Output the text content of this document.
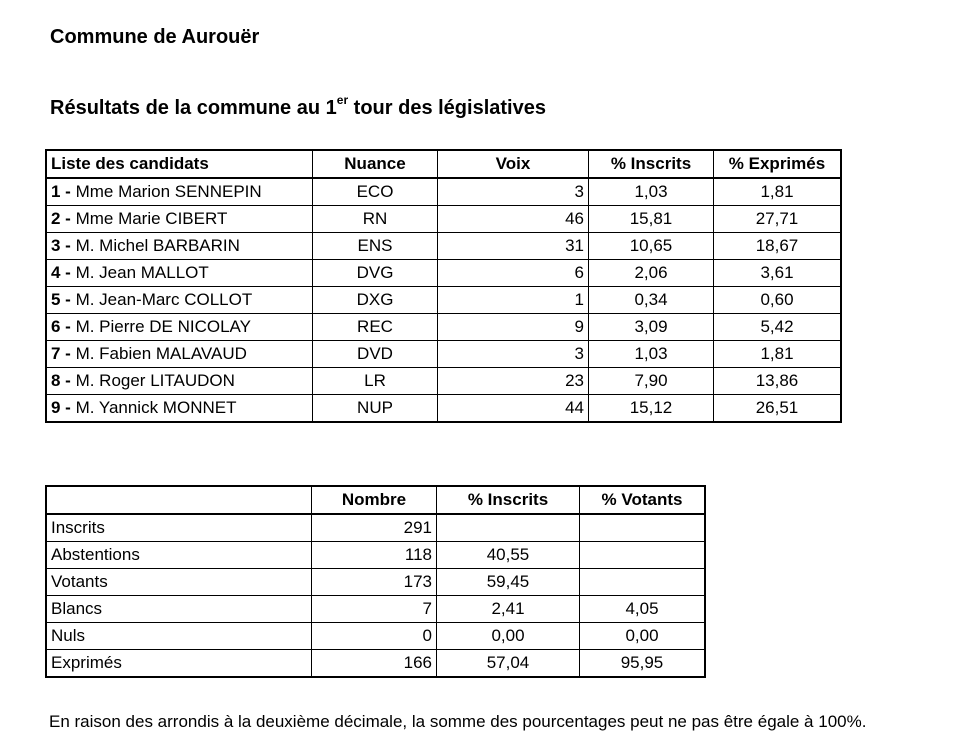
Commune de Aurouër
Résultats de la commune au 1er tour des législatives
Liste des candidats	Nuance	Voix	% Inscrits	% Exprimés
1 - Mme Marion SENNEPIN	ECO	3	1,03	1,81
2 - Mme Marie CIBERT	RN	46	15,81	27,71
3 - M. Michel BARBARIN	ENS	31	10,65	18,67
4 - M. Jean MALLOT	DVG	6	2,06	3,61
5 - M. Jean-Marc COLLOT	DXG	1	0,34	0,60
6 - M. Pierre DE NICOLAY	REC	9	3,09	5,42
7 - M. Fabien MALAVAUD	DVD	3	1,03	1,81
8 - M. Roger LITAUDON	LR	23	7,90	13,86
9 - M. Yannick MONNET	NUP	44	15,12	26,51
	Nombre	% Inscrits	% Votants
Inscrits	291		
Abstentions	118	40,55	
Votants	173	59,45	
Blancs	7	2,41	4,05
Nuls	0	0,00	0,00
Exprimés	166	57,04	95,95

En raison des arrondis à la deuxième décimale, la somme des pourcentages peut ne pas être égale à 100%.
